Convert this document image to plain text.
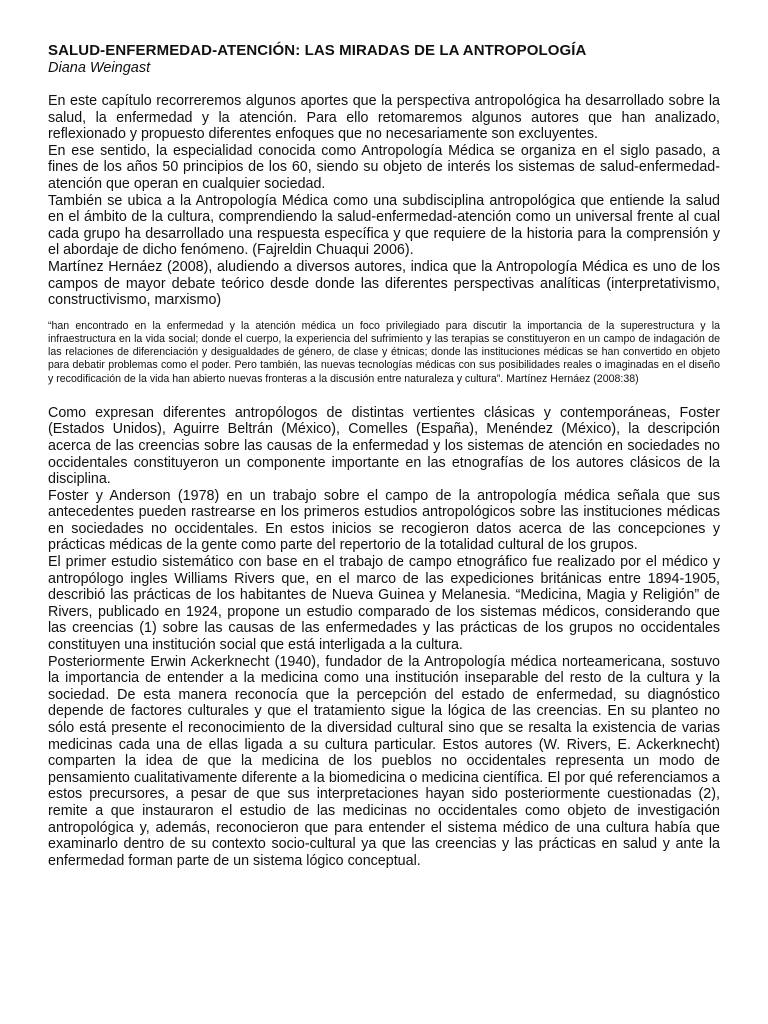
SALUD-ENFERMEDAD-ATENCIÓN: LAS MIRADAS DE LA ANTROPOLOGÍA
Diana Weingast

En este capítulo recorreremos algunos aportes que la perspectiva antropológica ha desarrollado sobre la salud, la enfermedad y la atención. Para ello retomaremos algunos autores que han analizado, reflexionado y propuesto diferentes enfoques que no necesariamente son excluyentes.

En ese sentido, la especialidad conocida como Antropología Médica se organiza en el siglo pasado, a fines de los años 50 principios de los 60, siendo su objeto de interés los sistemas de salud-enfermedad-atención que operan en cualquier sociedad.

También se ubica a la Antropología Médica como una subdisciplina antropológica que entiende la salud en el ámbito de la cultura, comprendiendo la salud-enfermedad-atención como un universal frente al cual cada grupo ha desarrollado una respuesta específica y que requiere de la historia para la comprensión y el abordaje de dicho fenómeno. (Fajreldin Chuaqui 2006).

Martínez Hernáez (2008), aludiendo a diversos autores, indica que la Antropología Médica es uno de los campos de mayor debate teórico desde donde las diferentes perspectivas analíticas (interpretativismo, constructivismo, marxismo)

“han encontrado en la enfermedad y la atención médica un foco privilegiado para discutir la importancia de la superestructura y la infraestructura en la vida social; donde el cuerpo, la experiencia del sufrimiento y las terapias se constituyeron en un campo de indagación de las relaciones de diferenciación y desigualdades de género, de clase y étnicas; donde las instituciones médicas se han convertido en objeto para debatir problemas como el poder. Pero también, las nuevas tecnologías médicas con sus posibilidades reales o imaginadas en el diseño y recodificación de la vida han abierto nuevas fronteras a la discusión entre naturaleza y cultura”. Martínez Hernáez (2008:38)

Como expresan diferentes antropólogos de distintas vertientes clásicas y contemporáneas, Foster (Estados Unidos), Aguirre Beltrán (México), Comelles (España), Menéndez (México), la descripción acerca de las creencias sobre las causas de la enfermedad y los sistemas de atención en sociedades no occidentales constituyeron un componente importante en las etnografías de los autores clásicos de la disciplina.

Foster y Anderson (1978) en un trabajo sobre el campo de la antropología médica señala que sus antecedentes pueden rastrearse en los primeros estudios antropológicos sobre las instituciones médicas en sociedades no occidentales. En estos inicios se recogieron datos acerca de las concepciones y prácticas médicas de la gente como parte del repertorio de la totalidad cultural de los grupos.

El primer estudio sistemático con base en el trabajo de campo etnográfico fue realizado por el médico y antropólogo ingles Williams Rivers que, en el marco de las expediciones británicas entre 1894-1905, describió las prácticas de los habitantes de Nueva Guinea y Melanesia. “Medicina, Magia y Religión” de Rivers, publicado en 1924, propone un estudio comparado de los sistemas médicos, considerando que las creencias (1) sobre las causas de las enfermedades y las prácticas de los grupos no occidentales constituyen una institución social que está interligada a la cultura.

Posteriormente Erwin Ackerknecht (1940), fundador de la Antropología médica norteamericana, sostuvo la importancia de entender a la medicina como una institución inseparable del resto de la cultura y la sociedad. De esta manera reconocía que la percepción del estado de enfermedad, su diagnóstico depende de factores culturales y que el tratamiento sigue la lógica de las creencias. En su planteo no sólo está presente el reconocimiento de la diversidad cultural sino que se resalta la existencia de varias medicinas cada una de ellas ligada a su cultura particular. Estos autores (W. Rivers, E. Ackerknecht) comparten la idea de que la medicina de los pueblos no occidentales representa un modo de pensamiento cualitativamente diferente a la biomedicina o medicina científica. El por qué referenciamos a estos precursores, a pesar de que sus interpretaciones hayan sido posteriormente cuestionadas (2), remite a que instauraron el estudio de las medicinas no occidentales como objeto de investigación antropológica y, además, reconocieron que para entender el sistema médico de una cultura había que examinarlo dentro de su contexto socio-cultural ya que las creencias y las prácticas en salud y ante la enfermedad forman parte de un sistema lógico conceptual.
